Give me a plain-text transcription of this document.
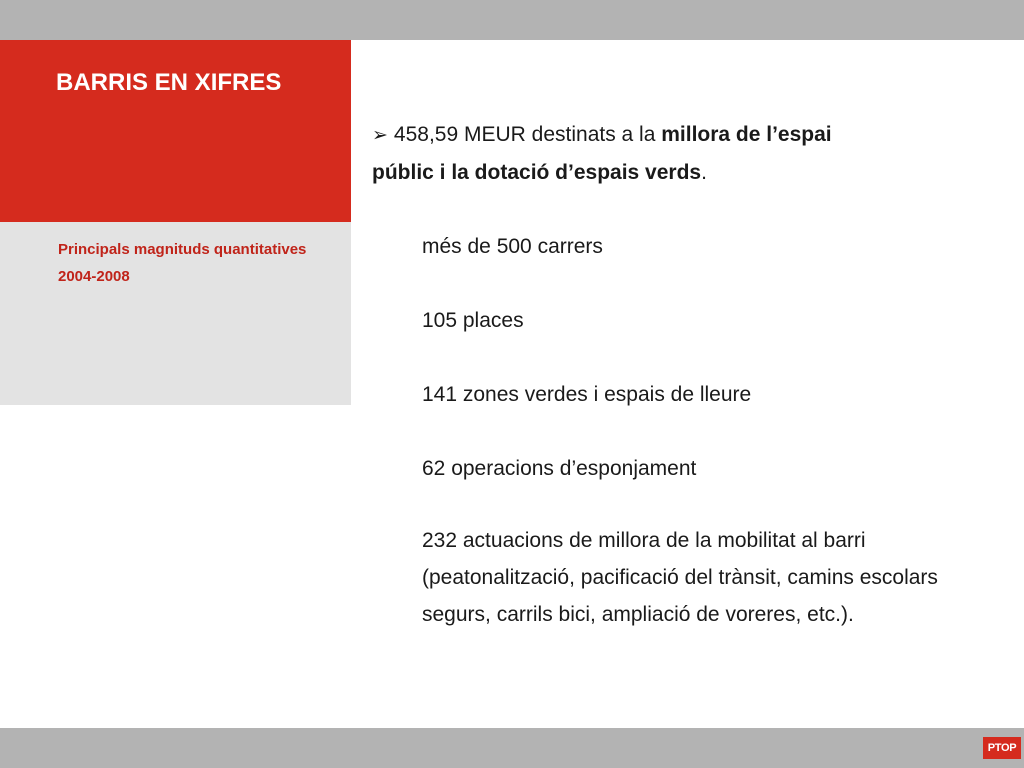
BARRIS EN XIFRES
Principals magnituds quantitatives 2004-2008
➢ 458,59 MEUR destinats a la millora de l’espai
públic i la dotació d’espais verds.
més de 500 carrers
105 places
141 zones verdes i espais de lleure
62 operacions d’esponjament
232 actuacions de millora de la mobilitat al barri (peatonalització, pacificació del trànsit, camins escolars segurs, carrils bici, ampliació de voreres, etc.).
PTOP
